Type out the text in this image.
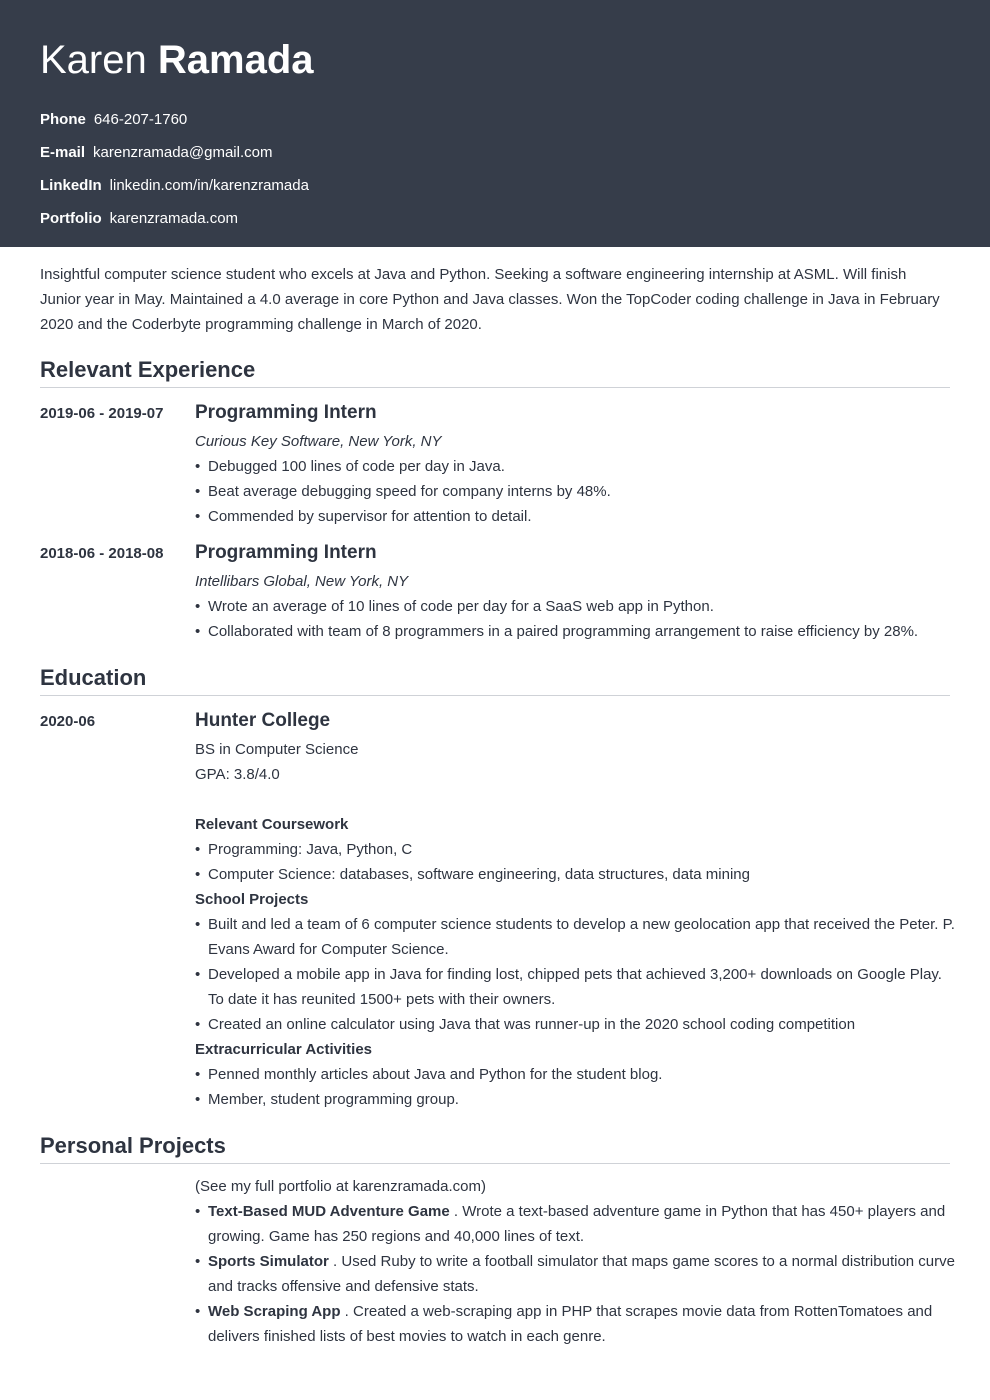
Karen Ramada
Phone 646-207-1760
E-mail karenzramada@gmail.com
LinkedIn linkedin.com/in/karenzramada
Portfolio karenzramada.com

Insightful computer science student who excels at Java and Python. Seeking a software engineering internship at ASML. Will finish Junior year in May. Maintained a 4.0 average in core Python and Java classes. Won the TopCoder coding challenge in Java in February 2020 and the Coderbyte programming challenge in March of 2020.

Relevant Experience
2019-06 - 2019-07 Programming Intern

Curious Key Software, New York, NY

• Debugged 100 lines of code per day in Java.
• Beat average debugging speed for company interns by 48%.
• Commended by supervisor for attention to detail.
2018-06 - 2018-08 Programming Intern

Intellibars Global, New York, NY

• Wrote an average of 10 lines of code per day for a SaaS web app in Python.
• Collaborated with team of 8 programmers in a paired programming arrangement to raise efficiency by 28%.
Education
2020-06	Hunter College

BS in Computer Science

GPA: 3.8/4.0

Relevant Coursework
• Programming: Java, Python, C
• Computer Science: databases, software engineering, data structures, data mining
School Projects
• Built and led a team of 6 computer science students to develop a new geolocation app that received the Peter. P. Evans Award for Computer Science.
• Developed a mobile app in Java for finding lost, chipped pets that achieved 3,200+ downloads on Google Play. To date it has reunited 1500+ pets with their owners.
• Created an online calculator using Java that was runner-up in the 2020 school coding competition
Extracurricular Activities
• Penned monthly articles about Java and Python for the student blog.
• Member, student programming group.
Personal Projects

(See my full portfolio at karenzramada.com)

• Text-Based MUD Adventure Game . Wrote a text-based adventure game in Python that has 450+ players and growing. Game has 250 regions and 40,000 lines of text.
• Sports Simulator . Used Ruby to write a football simulator that maps game scores to a normal distribution curve and tracks offensive and defensive stats.
• Web Scraping App . Created a web-scraping app in PHP that scrapes movie data from RottenTomatoes and delivers finished lists of best movies to watch in each genre.
